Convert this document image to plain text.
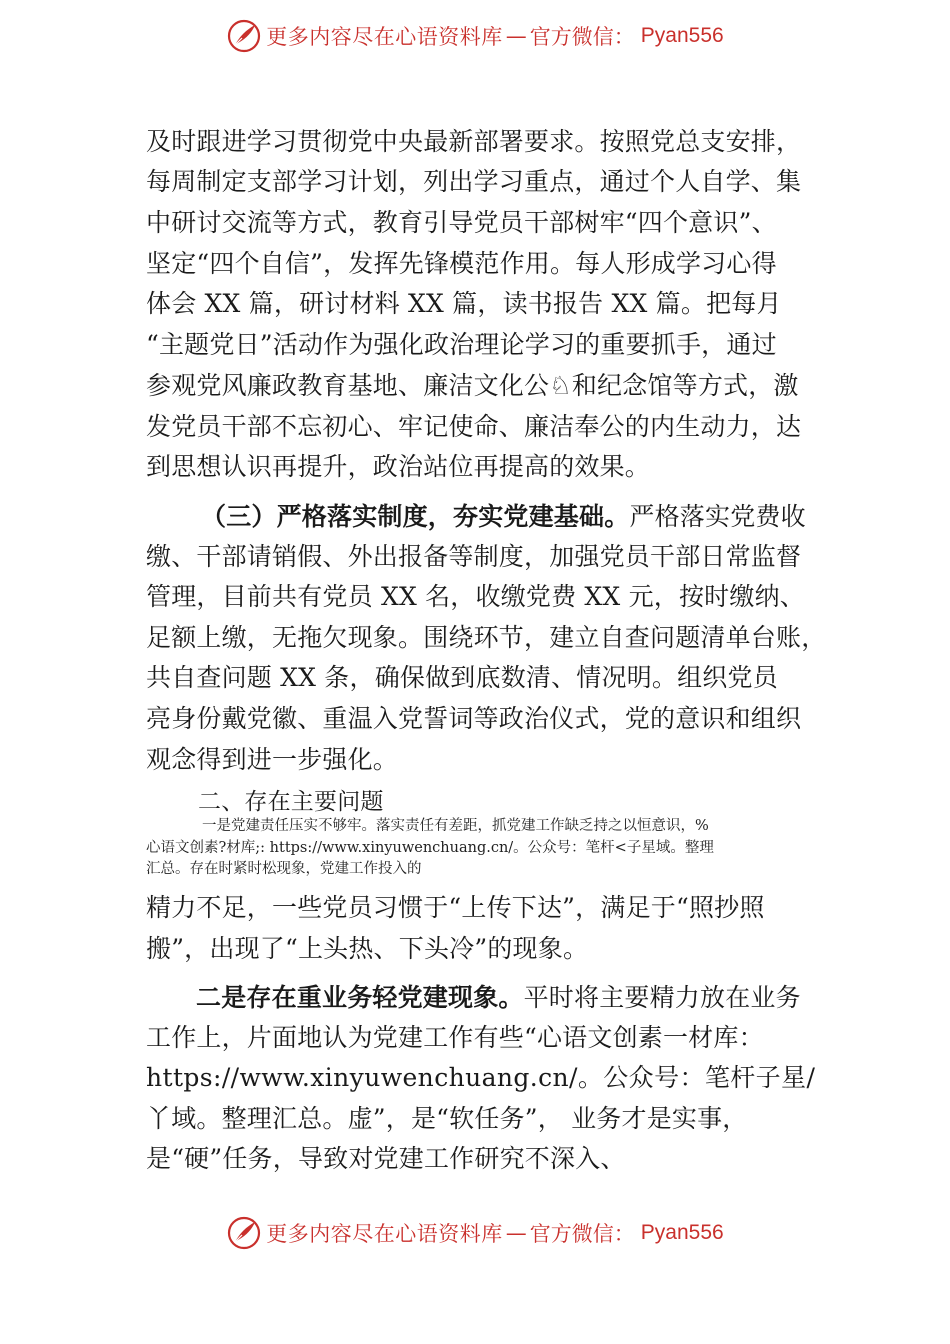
更多内容尽在心语资料库 — 官方微信： Pyan556
及时跟进学习贯彻党中央最新部署要求。按照党总支安排，
每周制定支部学习计划，列出学习重点，通过个人自学、集
中研讨交流等方式，教育引导党员干部树牢“四个意识”、
坚定“四个自信”，发挥先锋模范作用。每人形成学习心得
体会 XX 篇，研讨材料 XX 篇，读书报告 XX 篇。把每月
“主题党日”活动作为强化政治理论学习的重要抓手，通过
参观党风廉政教育基地、廉洁文化公♘和纪念馆等方式，激
发党员干部不忘初心、牢记使命、廉洁奉公的内生动力，达
到思想认识再提升，政治站位再提高的效果。
（三）严格落实制度，夯实党建基础。严格落实党费收
缴、干部请销假、外出报备等制度，加强党员干部日常监督
管理，目前共有党员 XX 名，收缴党费 XX 元，按时缴纳、
足额上缴，无拖欠现象。围绕环节，建立自查问题清单台账，
共自查问题 XX 条，确保做到底数清、情况明。组织党员
亮身份戴党徽、重温入党誓词等政治仪式，党的意识和组织
观念得到进一步强化。
二、存在主要问题
一是党建责任压实不够牢。落实责任有差距，抓党建工作缺乏持之以恒意识，%
心语文创素?材库;: https://www.xinyuwenchuang.cn/。公众号：笔杆<子星域。整理
汇总。存在时紧时松现象，党建工作投入的
精力不足，一些党员习惯于“上传下达”，满足于“照抄照
搬”，出现了“上头热、下头冷”的现象。
二是存在重业务轻党建现象。平时将主要精力放在业务
工作上，片面地认为党建工作有些“心语文创素一材库：
https://www.xinyuwenchuang.cn/。公众号：笔杆子星/
丫域。整理汇总。虚”，是“软任务”， 业务才是实事，
是“硬”任务，导致对党建工作研究不深入、
更多内容尽在心语资料库 — 官方微信： Pyan556
